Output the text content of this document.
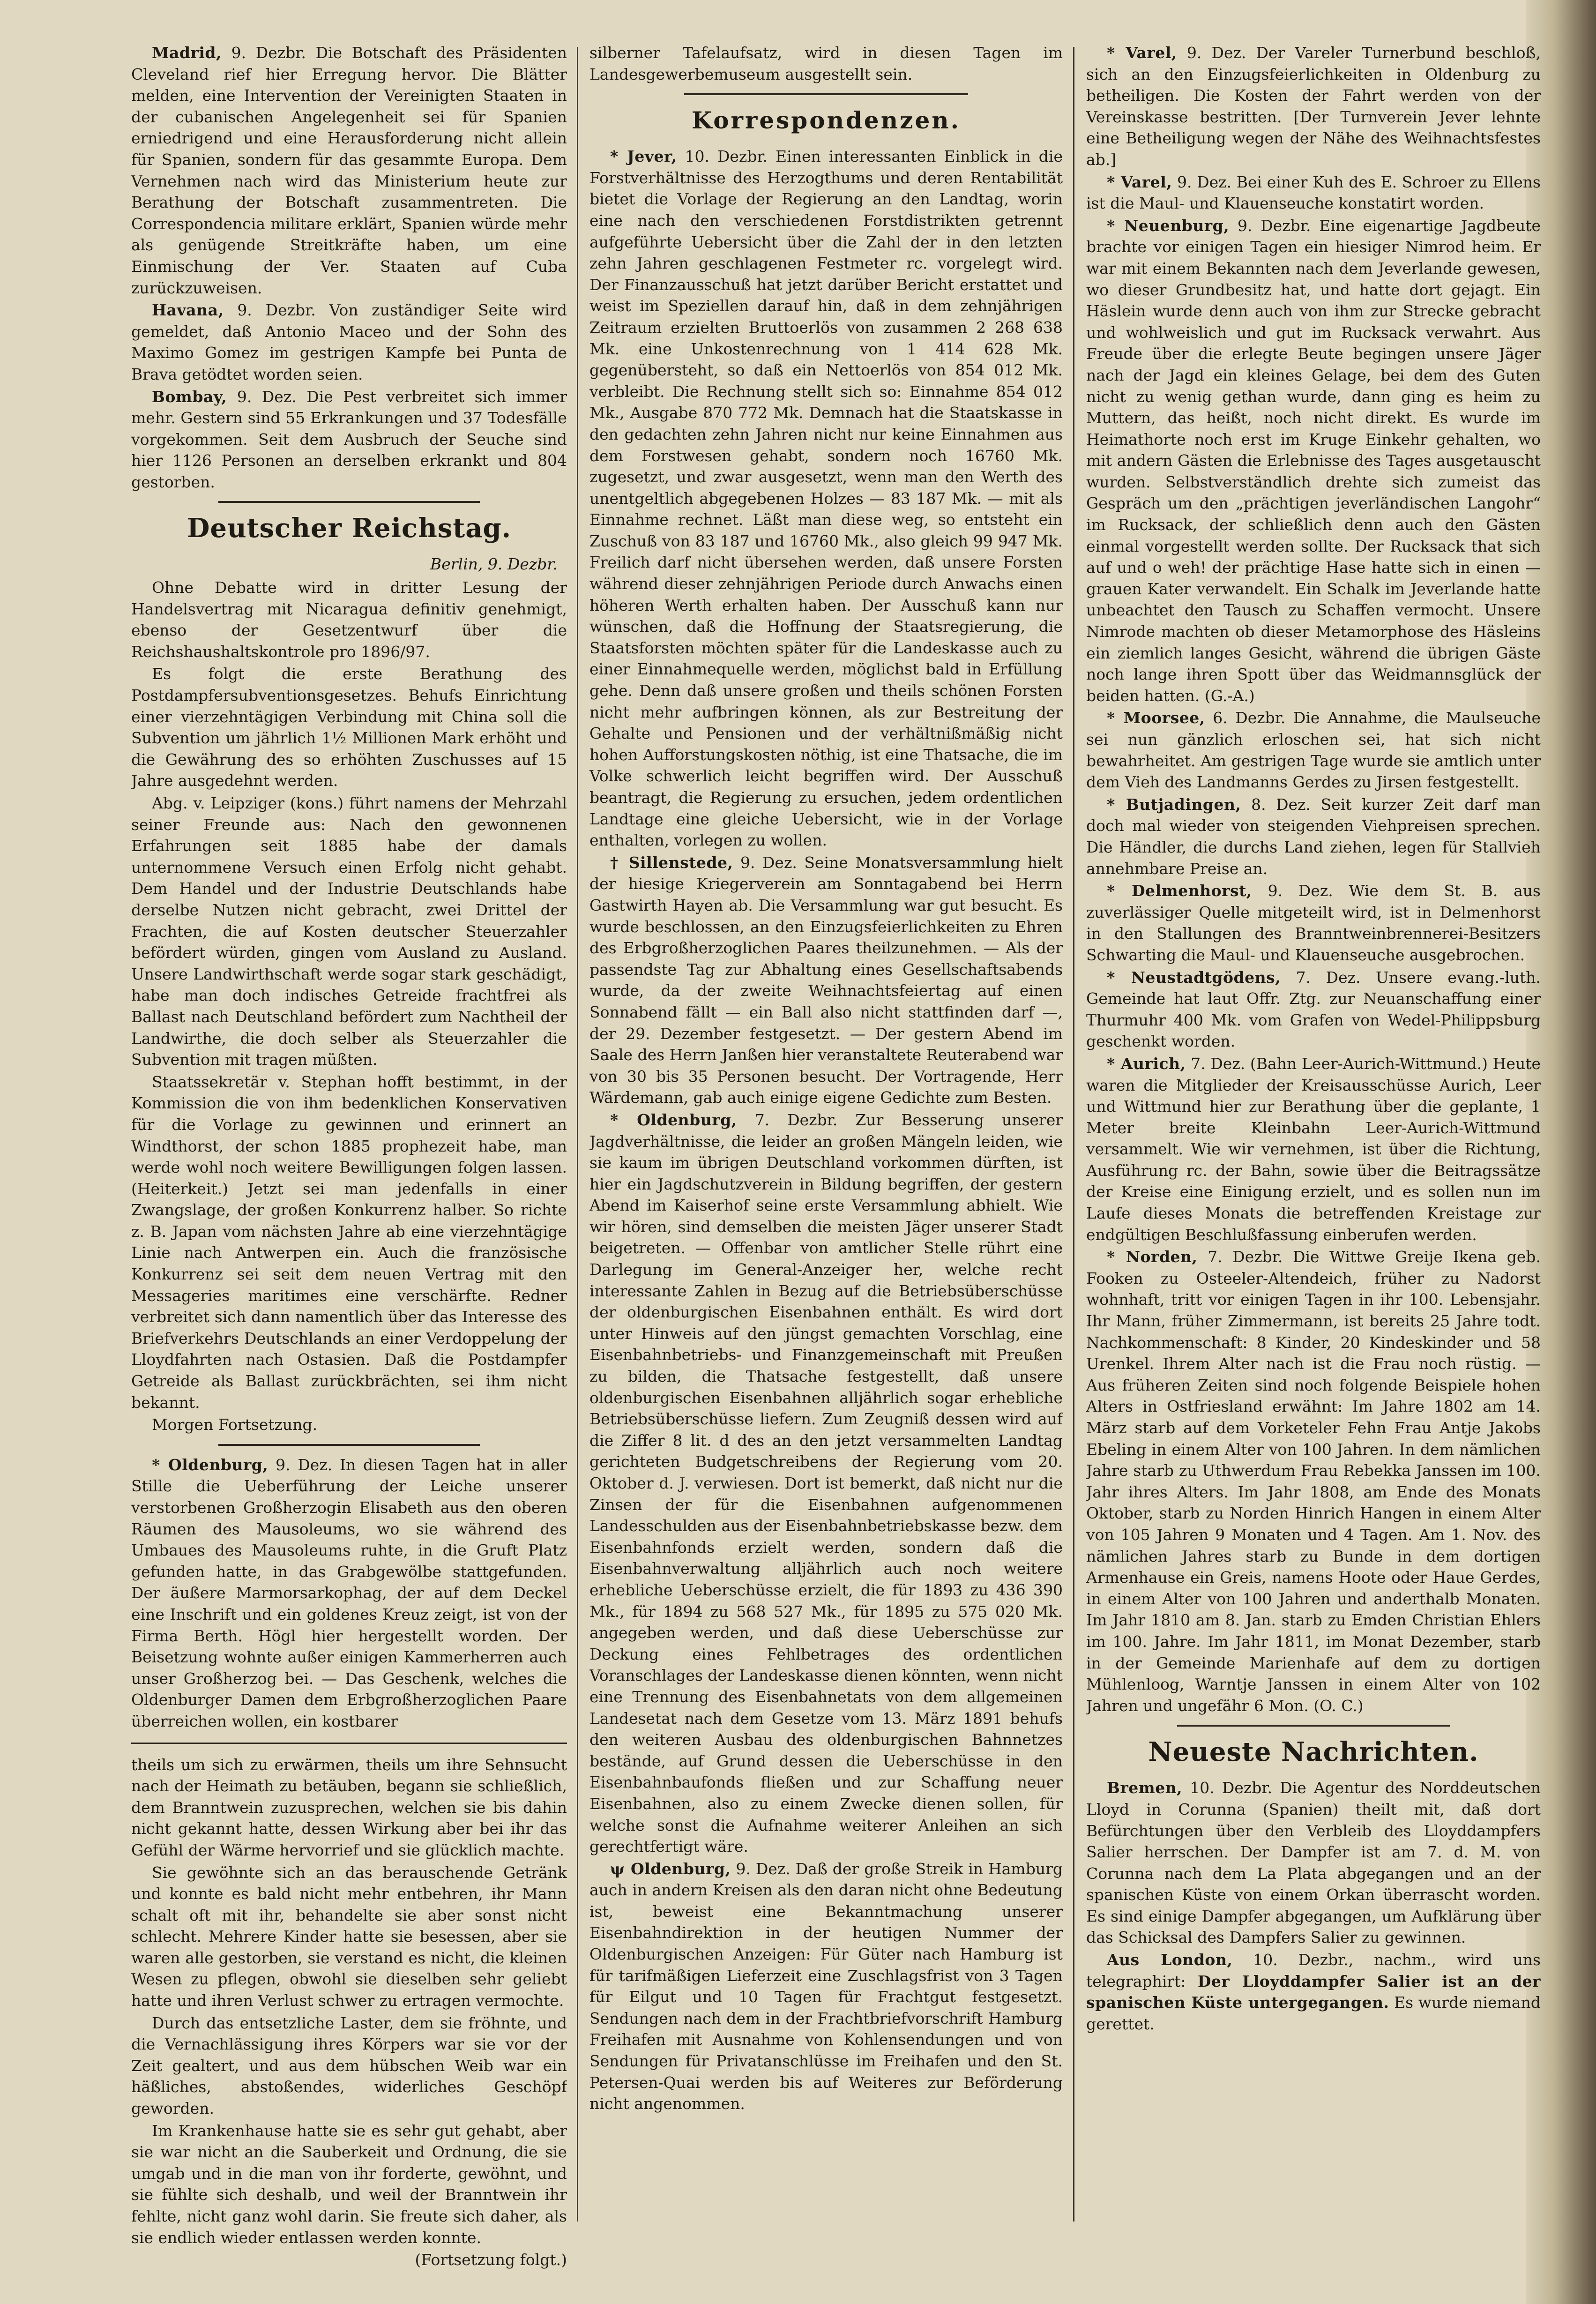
Madrid, 9. Dezbr. Die Botschaft des Präsidenten Cleveland rief hier Erregung hervor. Die Blätter melden, eine Intervention der Vereinigten Staaten in der cubanischen Angelegenheit sei für Spanien erniedrigend und eine Herausforderung nicht allein für Spanien, sondern für das gesammte Europa. Dem Vernehmen nach wird das Ministerium heute zur Berathung der Botschaft zusammentreten. Die Correspondencia militare erklärt, Spanien würde mehr als genügende Streitkräfte haben, um eine Einmischung der Ver. Staaten auf Cuba zurückzuweisen.

Havana, 9. Dezbr. Von zuständiger Seite wird gemeldet, daß Antonio Maceo und der Sohn des Maximo Gomez im gestrigen Kampfe bei Punta de Brava getödtet worden seien.

Bombay, 9. Dez. Die Pest verbreitet sich immer mehr. Gestern sind 55 Erkrankungen und 37 Todesfälle vorgekommen. Seit dem Ausbruch der Seuche sind hier 1126 Personen an derselben erkrankt und 804 gestorben.

Deutscher Reichstag.
Berlin, 9. Dezbr.

Ohne Debatte wird in dritter Lesung der Handelsvertrag mit Nicaragua definitiv genehmigt, ebenso der Gesetzentwurf über die Reichshaushaltskontrole pro 1896/97.

Es folgt die erste Berathung des Postdampfersubventionsgesetzes. Behufs Einrichtung einer vierzehntägigen Verbindung mit China soll die Subvention um jährlich 1½ Millionen Mark erhöht und die Gewährung des so erhöhten Zuschusses auf 15 Jahre ausgedehnt werden.

Abg. v. Leipziger (kons.) führt namens der Mehrzahl seiner Freunde aus: Nach den gewonnenen Erfahrungen seit 1885 habe der damals unternommene Versuch einen Erfolg nicht gehabt. Dem Handel und der Industrie Deutschlands habe derselbe Nutzen nicht gebracht, zwei Drittel der Frachten, die auf Kosten deutscher Steuerzahler befördert würden, gingen vom Ausland zu Ausland. Unsere Landwirthschaft werde sogar stark geschädigt, habe man doch indisches Getreide frachtfrei als Ballast nach Deutschland befördert zum Nachtheil der Landwirthe, die doch selber als Steuerzahler die Subvention mit tragen müßten.

Staatssekretär v. Stephan hofft bestimmt, in der Kommission die von ihm bedenklichen Konservativen für die Vorlage zu gewinnen und erinnert an Windthorst, der schon 1885 prophezeit habe, man werde wohl noch weitere Bewilligungen folgen lassen. (Heiterkeit.) Jetzt sei man jedenfalls in einer Zwangslage, der großen Konkurrenz halber. So richte z. B. Japan vom nächsten Jahre ab eine vierzehntägige Linie nach Antwerpen ein. Auch die französische Konkurrenz sei seit dem neuen Vertrag mit den Messageries maritimes eine verschärfte. Redner verbreitet sich dann namentlich über das Interesse des Briefverkehrs Deutschlands an einer Verdoppelung der Lloydfahrten nach Ostasien. Daß die Postdampfer Getreide als Ballast zurückbrächten, sei ihm nicht bekannt.

Morgen Fortsetzung.

* Oldenburg, 9. Dez. In diesen Tagen hat in aller Stille die Ueberführung der Leiche unserer verstorbenen Großherzogin Elisabeth aus den oberen Räumen des Mausoleums, wo sie während des Umbaues des Mausoleums ruhte, in die Gruft Platz gefunden hatte, in das Grabgewölbe stattgefunden. Der äußere Marmorsarkophag, der auf dem Deckel eine Inschrift und ein goldenes Kreuz zeigt, ist von der Firma Berth. Högl hier hergestellt worden. Der Beisetzung wohnte außer einigen Kammerherren auch unser Großherzog bei. — Das Geschenk, welches die Oldenburger Damen dem Erbgroßherzoglichen Paare überreichen wollen, ein kostbarer

theils um sich zu erwärmen, theils um ihre Sehnsucht nach der Heimath zu betäuben, begann sie schließlich, dem Branntwein zuzusprechen, welchen sie bis dahin nicht gekannt hatte, dessen Wirkung aber bei ihr das Gefühl der Wärme hervorrief und sie glücklich machte.

Sie gewöhnte sich an das berauschende Getränk und konnte es bald nicht mehr entbehren, ihr Mann schalt oft mit ihr, behandelte sie aber sonst nicht schlecht. Mehrere Kinder hatte sie besessen, aber sie waren alle gestorben, sie verstand es nicht, die kleinen Wesen zu pflegen, obwohl sie dieselben sehr geliebt hatte und ihren Verlust schwer zu ertragen vermochte.

Durch das entsetzliche Laster, dem sie fröhnte, und die Vernachlässigung ihres Körpers war sie vor der Zeit gealtert, und aus dem hübschen Weib war ein häßliches, abstoßendes, widerliches Geschöpf geworden.

Im Krankenhause hatte sie es sehr gut gehabt, aber sie war nicht an die Sauberkeit und Ordnung, die sie umgab und in die man von ihr forderte, gewöhnt, und sie fühlte sich deshalb, und weil der Branntwein ihr fehlte, nicht ganz wohl darin. Sie freute sich daher, als sie endlich wieder entlassen werden konnte.

(Fortsetzung folgt.)

silberner Tafelaufsatz, wird in diesen Tagen im Landesgewerbemuseum ausgestellt sein.

Korrespondenzen.

* Jever, 10. Dezbr. Einen interessanten Einblick in die Forstverhältnisse des Herzogthums und deren Rentabilität bietet die Vorlage der Regierung an den Landtag, worin eine nach den verschiedenen Forstdistrikten getrennt aufgeführte Uebersicht über die Zahl der in den letzten zehn Jahren geschlagenen Festmeter rc. vorgelegt wird. Der Finanzausschuß hat jetzt darüber Bericht erstattet und weist im Speziellen darauf hin, daß in dem zehnjährigen Zeitraum erzielten Bruttoerlös von zusammen 2 268 638 Mk. eine Unkostenrechnung von 1 414 628 Mk. gegenübersteht, so daß ein Nettoerlös von 854 012 Mk. verbleibt. Die Rechnung stellt sich so: Einnahme 854 012 Mk., Ausgabe 870 772 Mk. Demnach hat die Staatskasse in den gedachten zehn Jahren nicht nur keine Einnahmen aus dem Forstwesen gehabt, sondern noch 16760 Mk. zugesetzt, und zwar ausgesetzt, wenn man den Werth des unentgeltlich abgegebenen Holzes — 83 187 Mk. — mit als Einnahme rechnet. Läßt man diese weg, so entsteht ein Zuschuß von 83 187 und 16760 Mk., also gleich 99 947 Mk. Freilich darf nicht übersehen werden, daß unsere Forsten während dieser zehnjährigen Periode durch Anwachs einen höheren Werth erhalten haben. Der Ausschuß kann nur wünschen, daß die Hoffnung der Staatsregierung, die Staatsforsten möchten später für die Landeskasse auch zu einer Einnahmequelle werden, möglichst bald in Erfüllung gehe. Denn daß unsere großen und theils schönen Forsten nicht mehr aufbringen können, als zur Bestreitung der Gehalte und Pensionen und der verhältnißmäßig nicht hohen Aufforstungskosten nöthig, ist eine Thatsache, die im Volke schwerlich leicht begriffen wird. Der Ausschuß beantragt, die Regierung zu ersuchen, jedem ordentlichen Landtage eine gleiche Uebersicht, wie in der Vorlage enthalten, vorlegen zu wollen.

† Sillenstede, 9. Dez. Seine Monatsversammlung hielt der hiesige Kriegerverein am Sonntagabend bei Herrn Gastwirth Hayen ab. Die Versammlung war gut besucht. Es wurde beschlossen, an den Einzugsfeierlichkeiten zu Ehren des Erbgroßherzoglichen Paares theilzunehmen. — Als der passendste Tag zur Abhaltung eines Gesellschaftsabends wurde, da der zweite Weihnachtsfeiertag auf einen Sonnabend fällt — ein Ball also nicht stattfinden darf —, der 29. Dezember festgesetzt. — Der gestern Abend im Saale des Herrn Janßen hier veranstaltete Reuterabend war von 30 bis 35 Personen besucht. Der Vortragende, Herr Wärdemann, gab auch einige eigene Gedichte zum Besten.

* Oldenburg, 7. Dezbr. Zur Besserung unserer Jagdverhältnisse, die leider an großen Mängeln leiden, wie sie kaum im übrigen Deutschland vorkommen dürften, ist hier ein Jagdschutzverein in Bildung begriffen, der gestern Abend im Kaiserhof seine erste Versammlung abhielt. Wie wir hören, sind demselben die meisten Jäger unserer Stadt beigetreten. — Offenbar von amtlicher Stelle rührt eine Darlegung im General-Anzeiger her, welche recht interessante Zahlen in Bezug auf die Betriebsüberschüsse der oldenburgischen Eisenbahnen enthält. Es wird dort unter Hinweis auf den jüngst gemachten Vorschlag, eine Eisenbahnbetriebs- und Finanzgemeinschaft mit Preußen zu bilden, die Thatsache festgestellt, daß unsere oldenburgischen Eisenbahnen alljährlich sogar erhebliche Betriebsüberschüsse liefern. Zum Zeugniß dessen wird auf die Ziffer 8 lit. d des an den jetzt versammelten Landtag gerichteten Budgetschreibens der Regierung vom 20. Oktober d. J. verwiesen. Dort ist bemerkt, daß nicht nur die Zinsen der für die Eisenbahnen aufgenommenen Landesschulden aus der Eisenbahnbetriebskasse bezw. dem Eisenbahnfonds erzielt werden, sondern daß die Eisenbahnverwaltung alljährlich auch noch weitere erhebliche Ueberschüsse erzielt, die für 1893 zu 436 390 Mk., für 1894 zu 568 527 Mk., für 1895 zu 575 020 Mk. angegeben werden, und daß diese Ueberschüsse zur Deckung eines Fehlbetrages des ordentlichen Voranschlages der Landeskasse dienen könnten, wenn nicht eine Trennung des Eisenbahnetats von dem allgemeinen Landesetat nach dem Gesetze vom 13. März 1891 behufs den weiteren Ausbau des oldenburgischen Bahnnetzes bestände, auf Grund dessen die Ueberschüsse in den Eisenbahnbaufonds fließen und zur Schaffung neuer Eisenbahnen, also zu einem Zwecke dienen sollen, für welche sonst die Aufnahme weiterer Anleihen an sich gerechtfertigt wäre.

ψ Oldenburg, 9. Dez. Daß der große Streik in Hamburg auch in andern Kreisen als den daran nicht ohne Bedeutung ist, beweist eine Bekanntmachung unserer Eisenbahndirektion in der heutigen Nummer der Oldenburgischen Anzeigen: Für Güter nach Hamburg ist für tarifmäßigen Lieferzeit eine Zuschlagsfrist von 3 Tagen für Eilgut und 10 Tagen für Frachtgut festgesetzt. Sendungen nach dem in der Frachtbriefvorschrift Hamburg Freihafen mit Ausnahme von Kohlensendungen und von Sendungen für Privatanschlüsse im Freihafen und den St. Petersen-Quai werden bis auf Weiteres zur Beförderung nicht angenommen.

* Varel, 9. Dez. Der Vareler Turnerbund beschloß, sich an den Einzugsfeierlichkeiten in Oldenburg zu betheiligen. Die Kosten der Fahrt werden von der Vereinskasse bestritten. [Der Turnverein Jever lehnte eine Betheiligung wegen der Nähe des Weihnachtsfestes ab.]

* Varel, 9. Dez. Bei einer Kuh des E. Schroer zu Ellens ist die Maul- und Klauenseuche konstatirt worden.

* Neuenburg, 9. Dezbr. Eine eigenartige Jagdbeute brachte vor einigen Tagen ein hiesiger Nimrod heim. Er war mit einem Bekannten nach dem Jeverlande gewesen, wo dieser Grundbesitz hat, und hatte dort gejagt. Ein Häslein wurde denn auch von ihm zur Strecke gebracht und wohlweislich und gut im Rucksack verwahrt. Aus Freude über die erlegte Beute begingen unsere Jäger nach der Jagd ein kleines Gelage, bei dem des Guten nicht zu wenig gethan wurde, dann ging es heim zu Muttern, das heißt, noch nicht direkt. Es wurde im Heimathorte noch erst im Kruge Einkehr gehalten, wo mit andern Gästen die Erlebnisse des Tages ausgetauscht wurden. Selbstverständlich drehte sich zumeist das Gespräch um den „prächtigen jeverländischen Langohr“ im Rucksack, der schließlich denn auch den Gästen einmal vorgestellt werden sollte. Der Rucksack that sich auf und o weh! der prächtige Hase hatte sich in einen — grauen Kater verwandelt. Ein Schalk im Jeverlande hatte unbeachtet den Tausch zu Schaffen vermocht. Unsere Nimrode machten ob dieser Metamorphose des Häsleins ein ziemlich langes Gesicht, während die übrigen Gäste noch lange ihren Spott über das Weidmannsglück der beiden hatten. (G.-A.)

* Moorsee, 6. Dezbr. Die Annahme, die Maulseuche sei nun gänzlich erloschen sei, hat sich nicht bewahrheitet. Am gestrigen Tage wurde sie amtlich unter dem Vieh des Landmanns Gerdes zu Jirsen festgestellt.

* Butjadingen, 8. Dez. Seit kurzer Zeit darf man doch mal wieder von steigenden Viehpreisen sprechen. Die Händler, die durchs Land ziehen, legen für Stallvieh annehmbare Preise an.

* Delmenhorst, 9. Dez. Wie dem St. B. aus zuverlässiger Quelle mitgeteilt wird, ist in Delmenhorst in den Stallungen des Branntweinbrennerei-Besitzers Schwarting die Maul- und Klauenseuche ausgebrochen.

* Neustadtgödens, 7. Dez. Unsere evang.-luth. Gemeinde hat laut Offr. Ztg. zur Neuanschaffung einer Thurmuhr 400 Mk. vom Grafen von Wedel-Philippsburg geschenkt worden.

* Aurich, 7. Dez. (Bahn Leer-Aurich-Wittmund.) Heute waren die Mitglieder der Kreisausschüsse Aurich, Leer und Wittmund hier zur Berathung über die geplante, 1 Meter breite Kleinbahn Leer-Aurich-Wittmund versammelt. Wie wir vernehmen, ist über die Richtung, Ausführung rc. der Bahn, sowie über die Beitragssätze der Kreise eine Einigung erzielt, und es sollen nun im Laufe dieses Monats die betreffenden Kreistage zur endgültigen Beschlußfassung einberufen werden.

* Norden, 7. Dezbr. Die Wittwe Greije Ikena geb. Fooken zu Osteeler-Altendeich, früher zu Nadorst wohnhaft, tritt vor einigen Tagen in ihr 100. Lebensjahr. Ihr Mann, früher Zimmermann, ist bereits 25 Jahre todt. Nachkommenschaft: 8 Kinder, 20 Kindeskinder und 58 Urenkel. Ihrem Alter nach ist die Frau noch rüstig. — Aus früheren Zeiten sind noch folgende Beispiele hohen Alters in Ostfriesland erwähnt: Im Jahre 1802 am 14. März starb auf dem Vorketeler Fehn Frau Antje Jakobs Ebeling in einem Alter von 100 Jahren. In dem nämlichen Jahre starb zu Uthwerdum Frau Rebekka Janssen im 100. Jahr ihres Alters. Im Jahr 1808, am Ende des Monats Oktober, starb zu Norden Hinrich Hangen in einem Alter von 105 Jahren 9 Monaten und 4 Tagen. Am 1. Nov. des nämlichen Jahres starb zu Bunde in dem dortigen Armenhause ein Greis, namens Hoote oder Haue Gerdes, in einem Alter von 100 Jahren und anderthalb Monaten. Im Jahr 1810 am 8. Jan. starb zu Emden Christian Ehlers im 100. Jahre. Im Jahr 1811, im Monat Dezember, starb in der Gemeinde Marienhafe auf dem zu dortigen Mühlenloog, Warntje Janssen in einem Alter von 102 Jahren und ungefähr 6 Mon. (O. C.)

Neueste Nachrichten.

Bremen, 10. Dezbr. Die Agentur des Norddeutschen Lloyd in Corunna (Spanien) theilt mit, daß dort Befürchtungen über den Verbleib des Lloyddampfers Salier herrschen. Der Dampfer ist am 7. d. M. von Corunna nach dem La Plata abgegangen und an der spanischen Küste von einem Orkan überrascht worden. Es sind einige Dampfer abgegangen, um Aufklärung über das Schicksal des Dampfers Salier zu gewinnen.

Aus London, 10. Dezbr., nachm., wird uns telegraphirt: Der Lloyddampfer Salier ist an der spanischen Küste untergegangen. Es wurde niemand gerettet.
